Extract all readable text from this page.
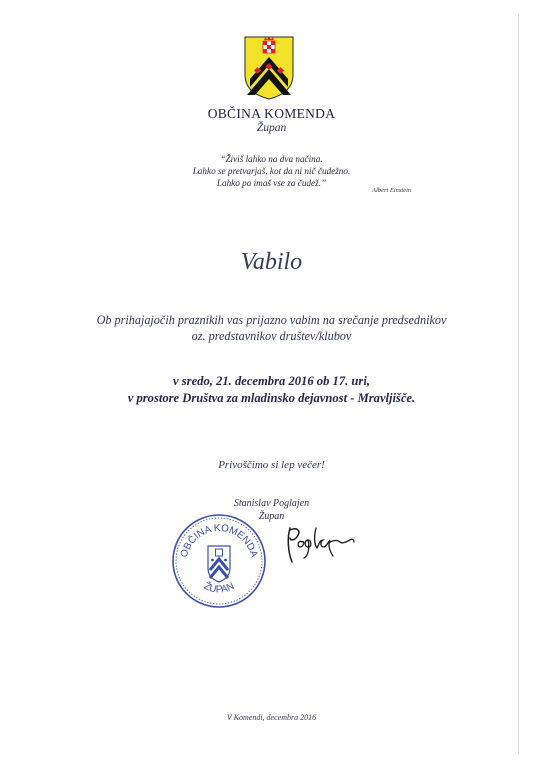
OBČINA KOMENDA
Župan
“Živiš lahko na dva načina.
Lahko se pretvarjaš, kot da ni nič čudežno.
Lahko pa imaš vse za čudež.”
Albert Einstein
Vabilo
Ob prihajajočih praznikih vas prijazno vabim na srečanje predsednikov
oz. predstavnikov društev/klubov
v sredo, 21. decembra 2016 ob 17. uri,
v prostore Društva za mladinsko dejavnost - Mravljišče.
Privoščimo si lep večer!
Stanislav Poglajen
Župan
OBČINA KOMENDA
ŽUPAN
V Komendi, decembra 2016
